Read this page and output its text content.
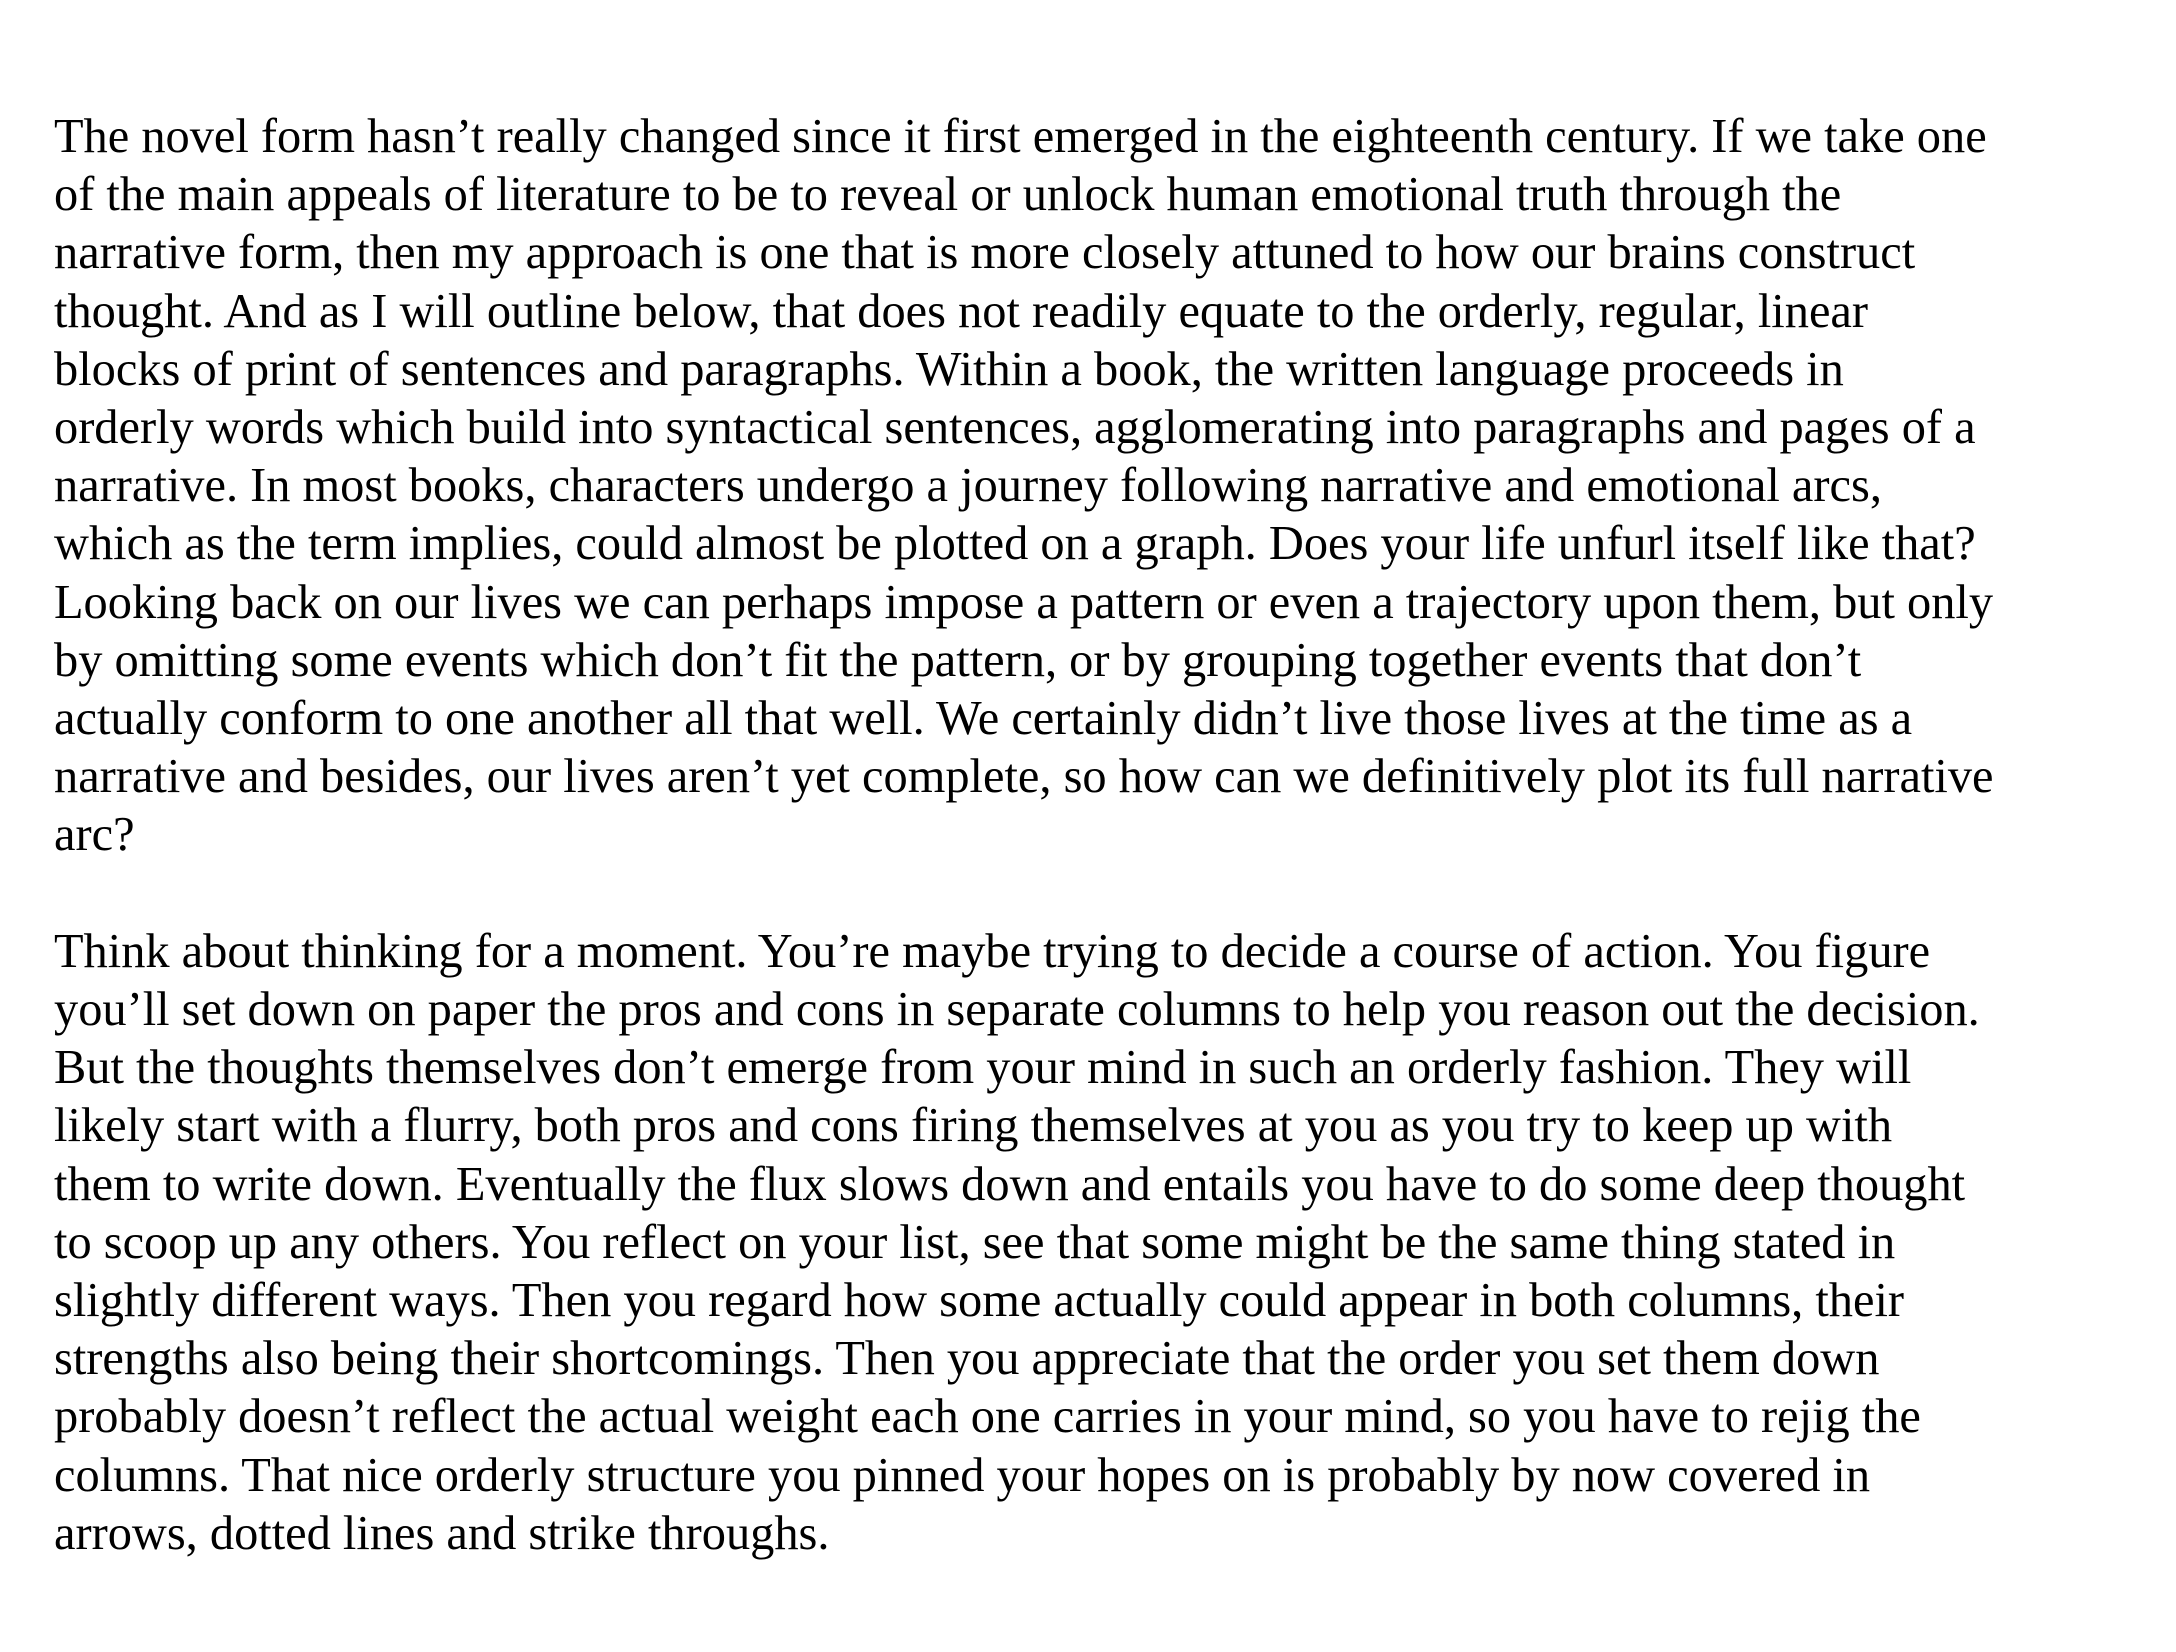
The novel form hasn’t really changed since it first emerged in the eighteenth century. If we take one
of the main appeals of literature to be to reveal or unlock human emotional truth through the
narrative form, then my approach is one that is more closely attuned to how our brains construct
thought. And as I will outline below, that does not readily equate to the orderly, regular, linear
blocks of print of sentences and paragraphs. Within a book, the written language proceeds in
orderly words which build into syntactical sentences, agglomerating into paragraphs and pages of a
narrative. In most books, characters undergo a journey following narrative and emotional arcs,
which as the term implies, could almost be plotted on a graph. Does your life unfurl itself like that?
Looking back on our lives we can perhaps impose a pattern or even a trajectory upon them, but only
by omitting some events which don’t fit the pattern, or by grouping together events that don’t
actually conform to one another all that well. We certainly didn’t live those lives at the time as a
narrative and besides, our lives aren’t yet complete, so how can we definitively plot its full narrative
arc?

Think about thinking for a moment. You’re maybe trying to decide a course of action. You figure
you’ll set down on paper the pros and cons in separate columns to help you reason out the decision.
But the thoughts themselves don’t emerge from your mind in such an orderly fashion. They will
likely start with a flurry, both pros and cons firing themselves at you as you try to keep up with
them to write down. Eventually the flux slows down and entails you have to do some deep thought
to scoop up any others. You reflect on your list, see that some might be the same thing stated in
slightly different ways. Then you regard how some actually could appear in both columns, their
strengths also being their shortcomings. Then you appreciate that the order you set them down
probably doesn’t reflect the actual weight each one carries in your mind, so you have to rejig the
columns. That nice orderly structure you pinned your hopes on is probably by now covered in
arrows, dotted lines and strike throughs.
